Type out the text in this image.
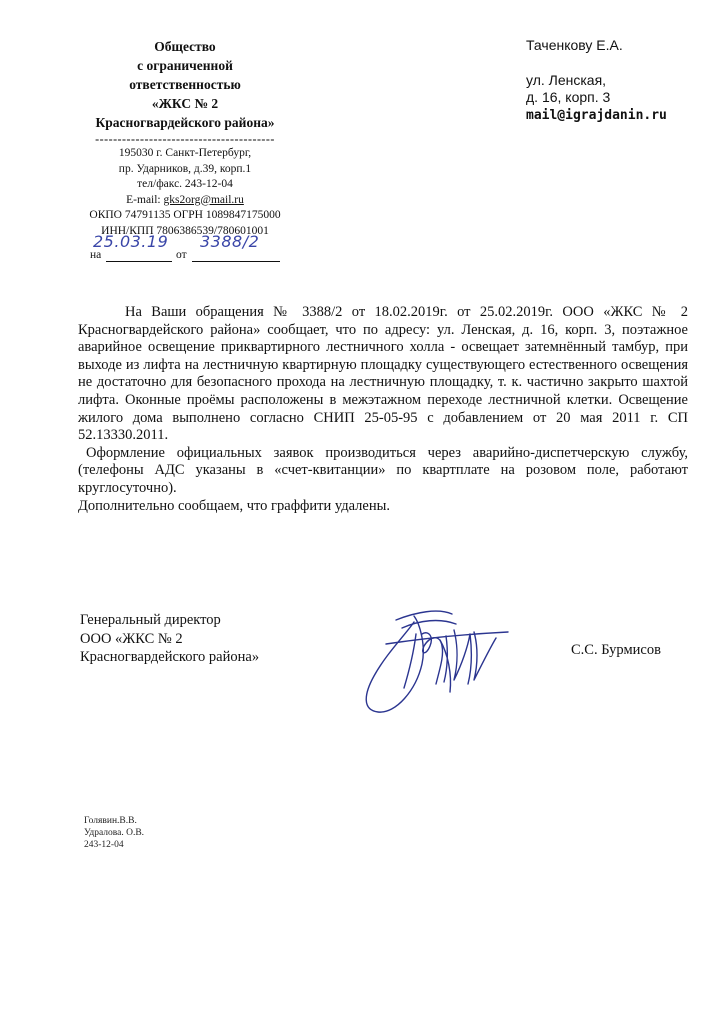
Общество
с ограниченной
ответственностью
«ЖКС № 2
Красногвардейского района»
----------------------------------------
195030 г. Санкт-Петербург,
пр. Ударников, д.39, корп.1
тел/факс. 243-12-04
E-mail: gks2org@mail.ru
ОКПО 74791135 ОГРН 1089847175000
ИНН/КПП 7806386539/780601001
25.03.19 3388/2
на	от
Таченкову Е.А.
ул. Ленская,
д. 16, корп. 3
mail@igrajdanin.ru

На Ваши обращения № 3388/2 от 18.02.2019г. от 25.02.2019г. ООО «ЖКС № 2 Красногвардейского района» сообщает, что по адресу: ул. Ленская, д. 16, корп. 3, поэтажное аварийное освещение приквартирного лестничного холла - освещает затемнённый тамбур, при выходе из лифта на лестничную квартирную площадку существующего естественного освещения не достаточно для безопасного прохода на лестничную площадку, т. к. частично закрыто шахтой лифта. Оконные проёмы расположены в межэтажном переходе лестничной клетки. Освещение жилого дома выполнено согласно СНИП 25-05-95 с добавлением от 20 мая 2011 г. СП 52.13330.2011.

Оформление официальных заявок производиться через аварийно-диспетчерскую службу, (телефоны АДС указаны в «счет-квитанции» по квартплате на розовом поле, работают круглосуточно).

Дополнительно сообщаем, что граффити удалены.

Генеральный директор
ООО «ЖКС № 2
Красногвардейского района»	С.С. Бурмисов
Голявин.В.В.
Удралова. О.В.
243-12-04
